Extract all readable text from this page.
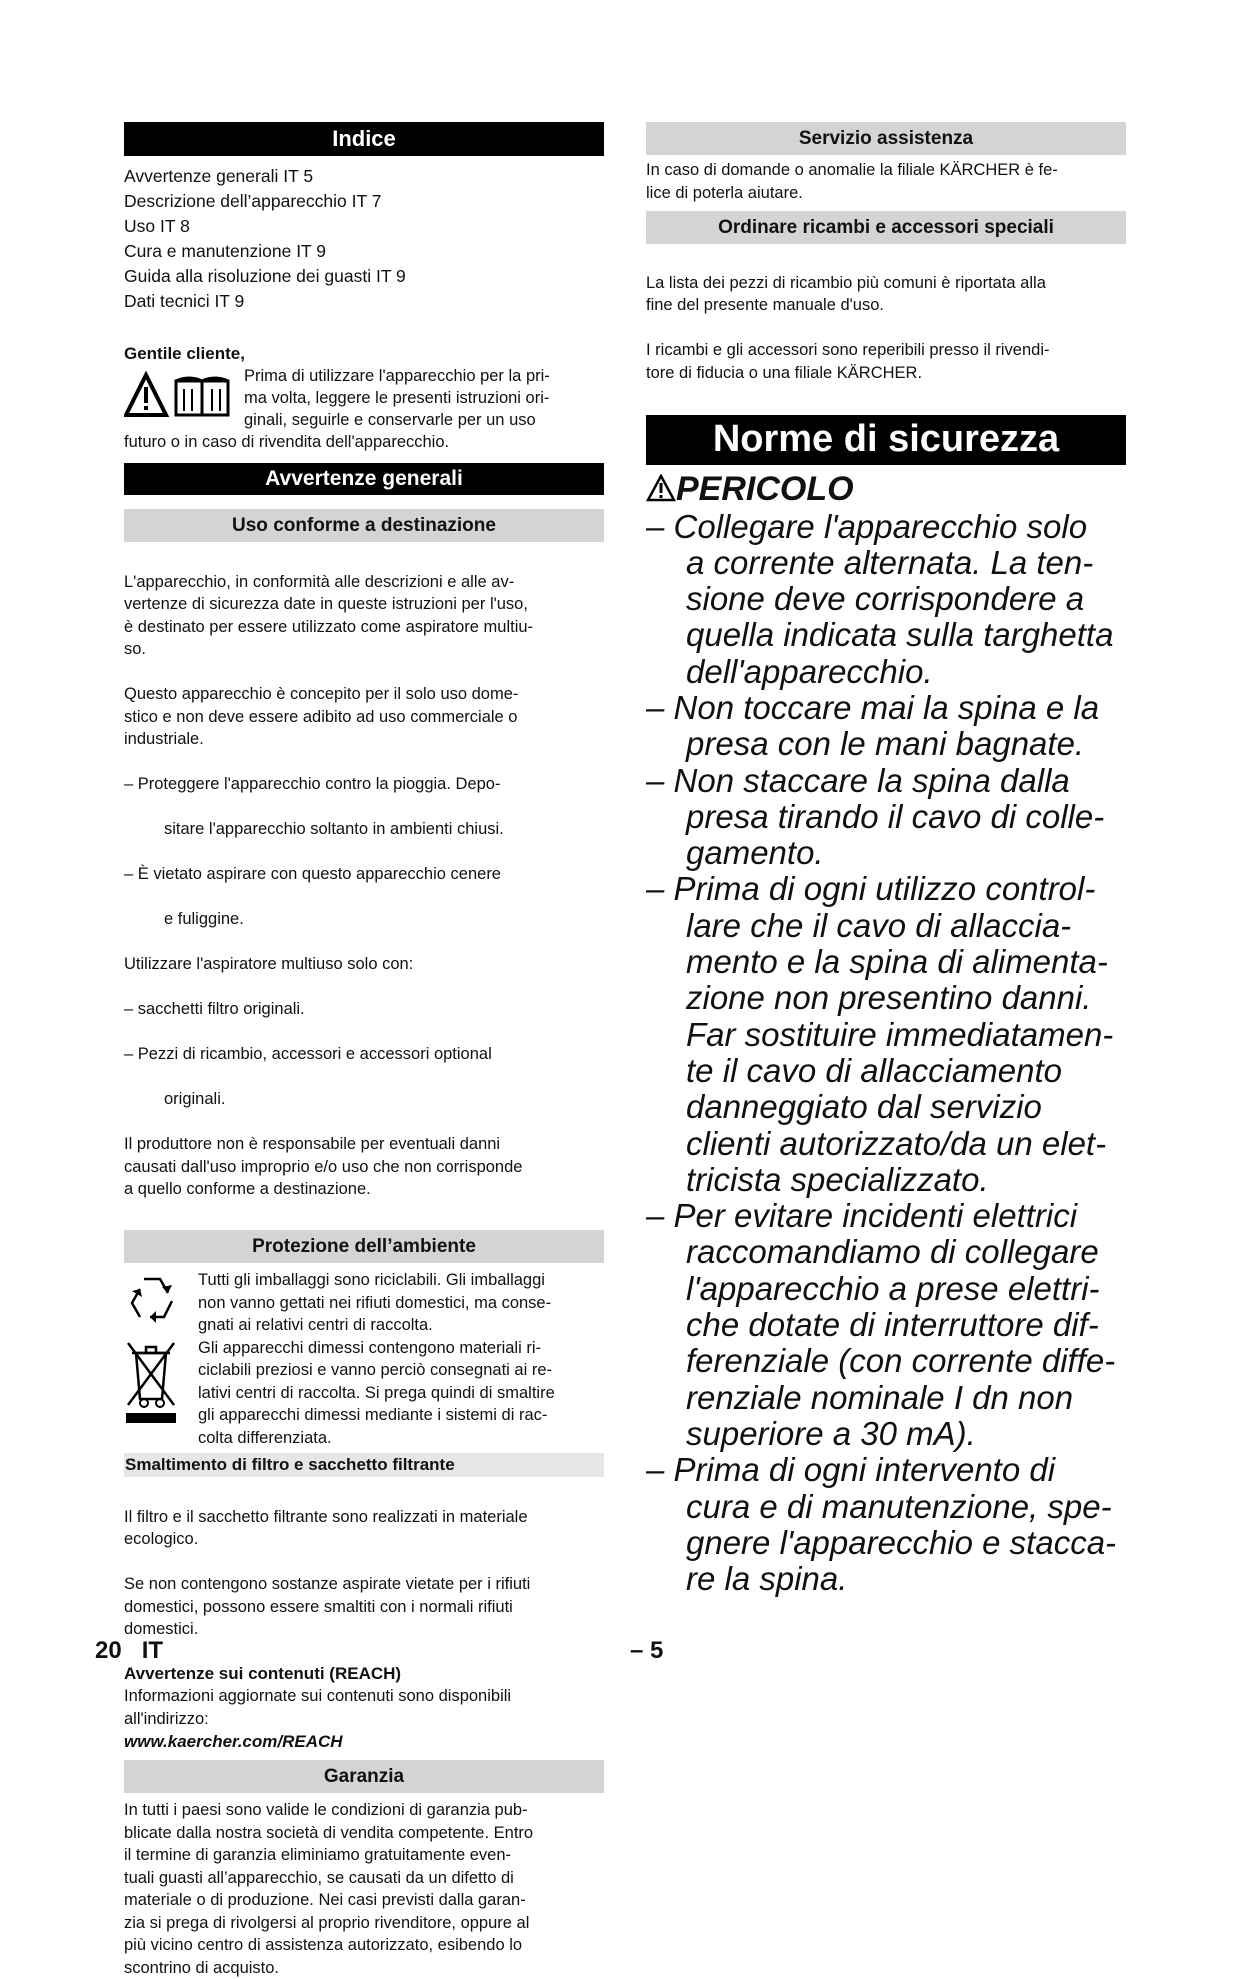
Indice
Avvertenze generali IT 5
Descrizione dell’apparecchio IT 7
Uso IT 8
Cura e manutenzione IT 9
Guida alla risoluzione dei guasti IT 9
Dati tecnici IT 9
Gentile cliente,
Prima di utilizzare l'apparecchio per la pri-
ma volta, leggere le presenti istruzioni ori-
ginali, seguirle e conservarle per un uso
futuro o in caso di rivendita dell'apparecchio.
Avvertenze generali
Uso conforme a destinazione

L'apparecchio, in conformità alle descrizioni e alle av-
vertenze di sicurezza date in queste istruzioni per l'uso,
è destinato per essere utilizzato come aspiratore multiu-
so.

Questo apparecchio è concepito per il solo uso dome-
stico e non deve essere adibito ad uso commerciale o
industriale.

– Proteggere l'apparecchio contro la pioggia. Depo-

sitare l'apparecchio soltanto in ambienti chiusi.

– È vietato aspirare con questo apparecchio cenere

e fuliggine.

Utilizzare l'aspiratore multiuso solo con:

– sacchetti filtro originali.

– Pezzi di ricambio, accessori e accessori optional

originali.

Il produttore non è responsabile per eventuali danni
causati dall'uso improprio e/o uso che non corrisponde
a quello conforme a destinazione.

Protezione dell’ambiente
Tutti gli imballaggi sono riciclabili. Gli imballaggi
non vanno gettati nei rifiuti domestici, ma conse-
gnati ai relativi centri di raccolta.
Gli apparecchi dimessi contengono materiali ri-
ciclabili preziosi e vanno perciò consegnati ai re-
lativi centri di raccolta. Si prega quindi di smaltire
gli apparecchi dimessi mediante i sistemi di rac-
colta differenziata.
Smaltimento di filtro e sacchetto filtrante

Il filtro e il sacchetto filtrante sono realizzati in materiale
ecologico.

Se non contengono sostanze aspirate vietate per i rifiuti
domestici, possono essere smaltiti con i normali rifiuti
domestici.

Avvertenze sui contenuti (REACH)
Informazioni aggiornate sui contenuti sono disponibili
all'indirizzo:
www.kaercher.com/REACH
Garanzia
In tutti i paesi sono valide le condizioni di garanzia pub-
blicate dalla nostra società di vendita competente. Entro
il termine di garanzia eliminiamo gratuitamente even-
tuali guasti all’apparecchio, se causati da un difetto di
materiale o di produzione. Nei casi previsti dalla garan-
zia si prega di rivolgersi al proprio rivenditore, oppure al
più vicino centro di assistenza autorizzato, esibendo lo
scontrino di acquisto.
Servizio assistenza
In caso di domande o anomalie la filiale KÄRCHER è fe-
lice di poterla aiutare.
Ordinare ricambi e accessori speciali

La lista dei pezzi di ricambio più comuni è riportata alla
fine del presente manuale d'uso.

I ricambi e gli accessori sono reperibili presso il rivendi-
tore di fiducia o una filiale KÄRCHER.

Norme di sicurezza
PERICOLO
– Collegare l'apparecchio solo
a corrente alternata. La ten-
sione deve corrispondere a
quella indicata sulla targhetta
dell'apparecchio.
– Non toccare mai la spina e la
presa con le mani bagnate.
– Non staccare la spina dalla
presa tirando il cavo di colle-
gamento.
– Prima di ogni utilizzo control-
lare che il cavo di allaccia-
mento e la spina di alimenta-
zione non presentino danni.
Far sostituire immediatamen-
te il cavo di allacciamento
danneggiato dal servizio
clienti autorizzato/da un elet-
tricista specializzato.
– Per evitare incidenti elettrici
raccomandiamo di collegare
l'apparecchio a prese elettri-
che dotate di interruttore dif-
ferenziale (con corrente diffe-
renziale nominale I dn non
superiore a 30 mA).
– Prima di ogni intervento di
cura e di manutenzione, spe-
gnere l'apparecchio e stacca-
re la spina.
20   IT	– 5
